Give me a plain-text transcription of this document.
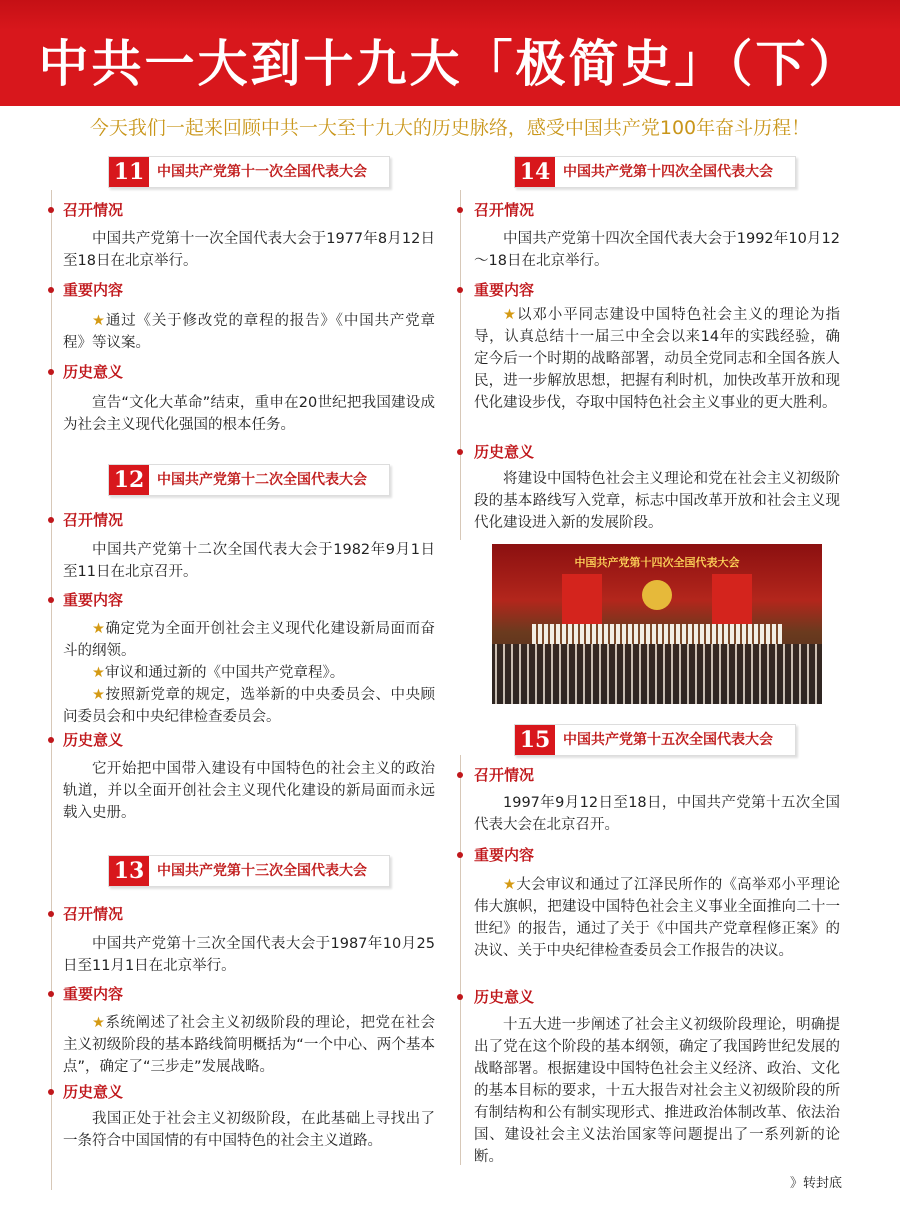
中共一大到十九大「极简史」（下）
今天我们一起来回顾中共一大至十九大的历史脉络，感受中国共产党100年奋斗历程！
11 中国共产党第十一次全国代表大会
召开情况

中国共产党第十一次全国代表大会于1977年8月12日至18日在北京举行。

重要内容

★通过《关于修改党的章程的报告》《中国共产党章程》等议案。

历史意义

宣告“文化大革命”结束，重申在20世纪把我国建设成为社会主义现代化强国的根本任务。

12 中国共产党第十二次全国代表大会
召开情况

中国共产党第十二次全国代表大会于1982年9月1日至11日在北京召开。

重要内容

★确定党为全面开创社会主义现代化建设新局面而奋斗的纲领。

★审议和通过新的《中国共产党章程》。

★按照新党章的规定，选举新的中央委员会、中央顾问委员会和中央纪律检查委员会。

历史意义

它开始把中国带入建设有中国特色的社会主义的政治轨道，并以全面开创社会主义现代化建设的新局面而永远载入史册。

13 中国共产党第十三次全国代表大会
召开情况

中国共产党第十三次全国代表大会于1987年10月25日至11月1日在北京举行。

重要内容

★系统阐述了社会主义初级阶段的理论，把党在社会主义初级阶段的基本路线简明概括为“一个中心、两个基本点”，确定了“三步走”发展战略。

历史意义

我国正处于社会主义初级阶段，在此基础上寻找出了一条符合中国国情的有中国特色的社会主义道路。

14 中国共产党第十四次全国代表大会
召开情况

中国共产党第十四次全国代表大会于1992年10月12～18日在北京举行。

重要内容

★以邓小平同志建设中国特色社会主义的理论为指导，认真总结十一届三中全会以来14年的实践经验，确定今后一个时期的战略部署，动员全党同志和全国各族人民，进一步解放思想，把握有利时机，加快改革开放和现代化建设步伐，夺取中国特色社会主义事业的更大胜利。

历史意义

将建设中国特色社会主义理论和党在社会主义初级阶段的基本路线写入党章，标志中国改革开放和社会主义现代化建设进入新的发展阶段。

中国共产党第十四次全国代表大会
15 中国共产党第十五次全国代表大会
召开情况

1997年9月12日至18日，中国共产党第十五次全国代表大会在北京召开。

重要内容

★大会审议和通过了江泽民所作的《高举邓小平理论伟大旗帜，把建设中国特色社会主义事业全面推向二十一世纪》的报告，通过了关于《中国共产党章程修正案》的决议、关于中央纪律检查委员会工作报告的决议。

历史意义

十五大进一步阐述了社会主义初级阶段理论，明确提出了党在这个阶段的基本纲领，确定了我国跨世纪发展的战略部署。根据建设中国特色社会主义经济、政治、文化的基本目标的要求，十五大报告对社会主义初级阶段的所有制结构和公有制实现形式、推进政治体制改革、依法治国、建设社会主义法治国家等问题提出了一系列新的论断。

》转封底
